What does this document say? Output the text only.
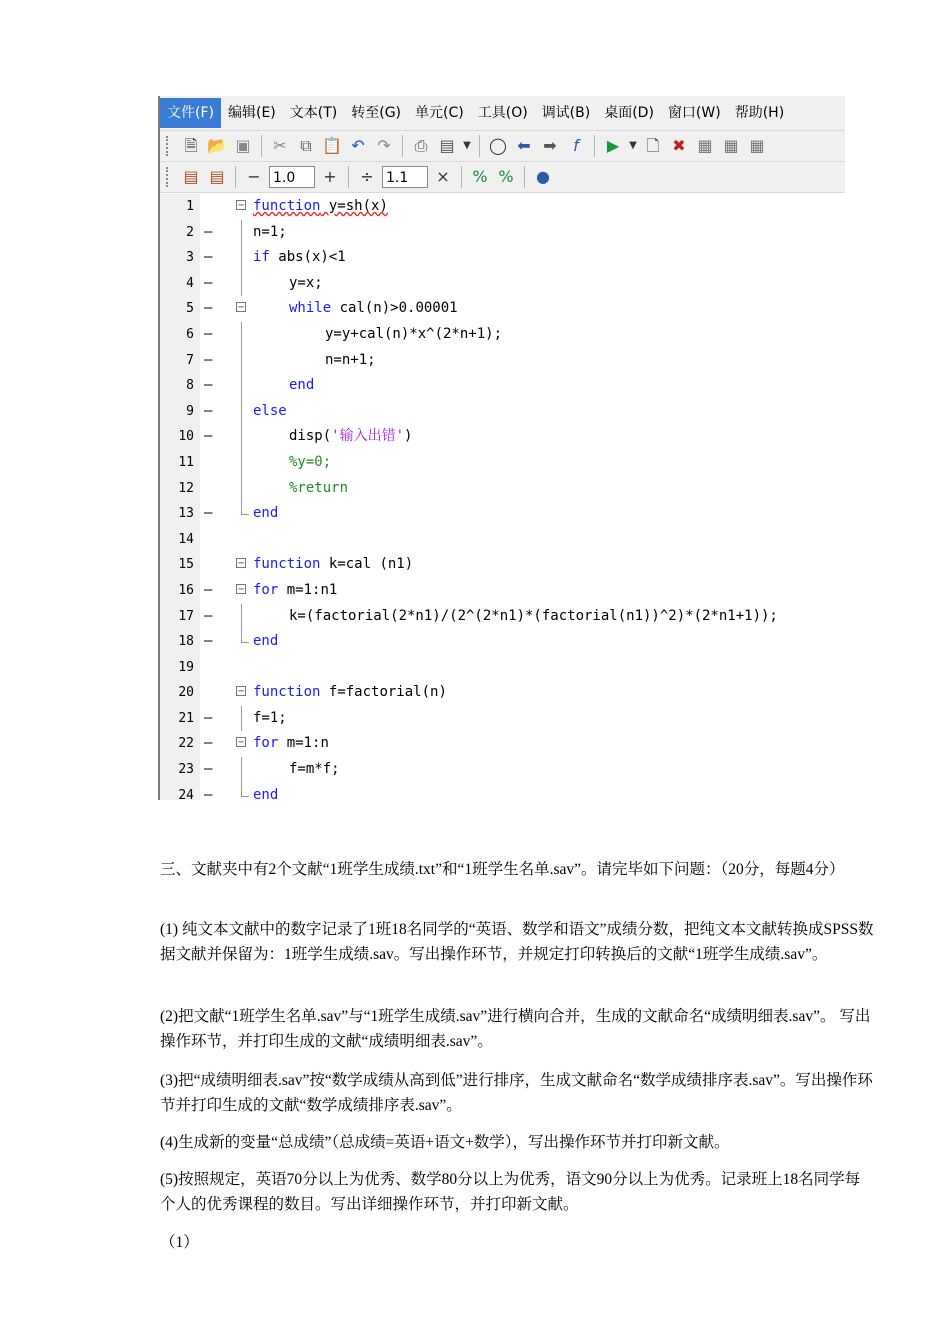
文件(F)	编辑(E)	文本(T)	转至(G)	单元(C)	工具(O)	调试(B)	桌面(D)	窗口(W)	帮助(H)
🗎 📂 ▣	✂ ⧉ 📋 ↶ ↷	⎙ ▤ ▼ ◯ ⬅ ➡	f	▶ ▼ 🗋 ✖ ▦ ▦ ▦
▤ ▤	− 1.0	+	÷ 1.1	×	% %	●
1	− function y=sh(x)
2 –	n=1;
3 –	if abs(x)<1
4 –	y=x;
5 –	−	while cal(n)>0.00001
6 –	y=y+cal(n)*x^(2*n+1);
7 –	n=n+1;
8 –	end
9 –	else
10 –	disp('输入出错')
11	%y=0;
12	%return
13 –	end
14
15	− function k=cal (n1)
16 –	− for m=1:n1
17 –	k=(factorial(2*n1)/(2^(2*n1)*(factorial(n1))^2)*(2*n1+1));
18 –	end
19
20	− function f=factorial(n)
21 –	f=1;
22 –	− for m=1:n
23 –	f=m*f;
24 –	end
三、文献夹中有2个文献“1班学生成绩.txt”和“1班学生名单.sav”。请完毕如下问题：（20分，每题4分）
(1) 纯文本文献中的数字记录了1班18名同学的“英语、数学和语文”成绩分数，把纯文本文献转换成SPSS数据文献并保留为：1班学生成绩.sav。写出操作环节，并规定打印转换后的文献“1班学生成绩.sav”。
(2)把文献“1班学生名单.sav”与“1班学生成绩.sav”进行横向合并，生成的文献命名“成绩明细表.sav”。 写出操作环节，并打印生成的文献“成绩明细表.sav”。
(3)把“成绩明细表.sav”按“数学成绩从高到低”进行排序，生成文献命名“数学成绩排序表.sav”。写出操作环节并打印生成的文献“数学成绩排序表.sav”。
(4)生成新的变量“总成绩”（总成绩=英语+语文+数学），写出操作环节并打印新文献。
(5)按照规定，英语70分以上为优秀、数学80分以上为优秀，语文90分以上为优秀。记录班上18名同学每个人的优秀课程的数目。写出详细操作环节，并打印新文献。
（1）
